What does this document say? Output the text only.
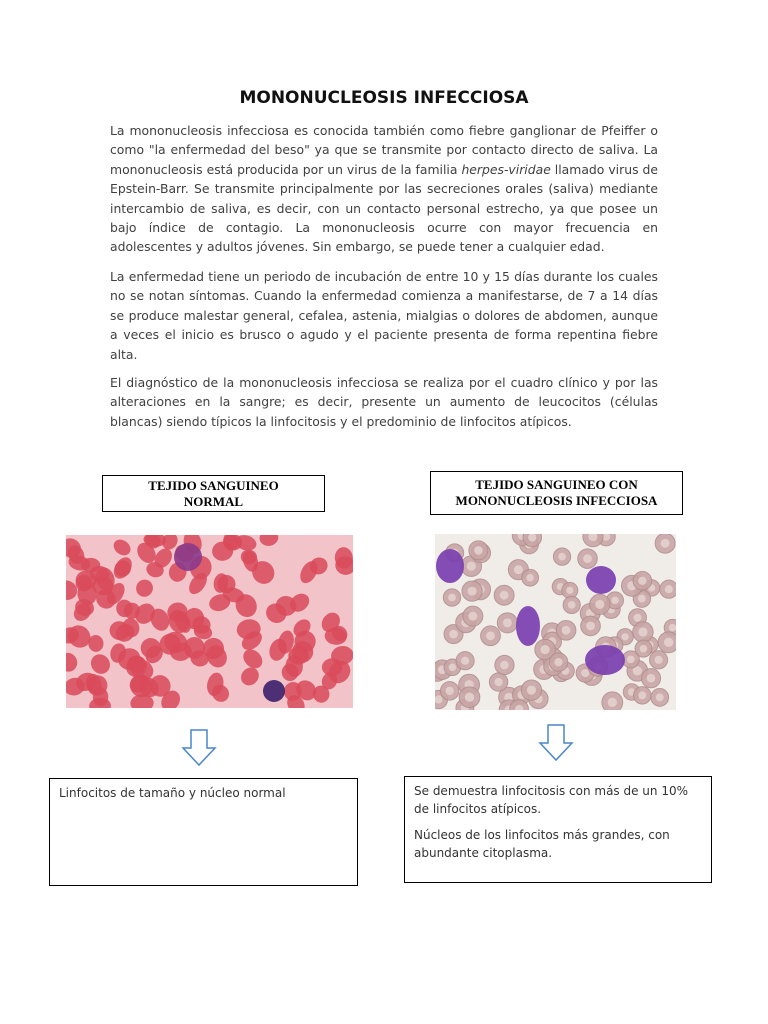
MONONUCLEOSIS INFECCIOSA

La mononucleosis infecciosa es conocida también como fiebre ganglionar de Pfeiffer o como "la enfermedad del beso" ya que se transmite por contacto directo de saliva. La mononucleosis está producida por un virus de la familia herpes-viridae llamado virus de Epstein-Barr. Se transmite principalmente por las secreciones orales (saliva) mediante intercambio de saliva, es decir, con un contacto personal estrecho, ya que posee un bajo índice de contagio. La mononucleosis ocurre con mayor frecuencia en adolescentes y adultos jóvenes. Sin embargo, se puede tener a cualquier edad.

La enfermedad tiene un periodo de incubación de entre 10 y 15 días durante los cuales no se notan síntomas. Cuando la enfermedad comienza a manifestarse, de 7 a 14 días se produce malestar general, cefalea, astenia, mialgias o dolores de abdomen, aunque a veces el inicio es brusco o agudo y el paciente presenta de forma repentina fiebre alta.

El diagnóstico de la mononucleosis infecciosa se realiza por el cuadro clínico y por las alteraciones en la sangre; es decir, presente un aumento de leucocitos (células blancas) siendo típicos la linfocitosis y el predominio de linfocitos atípicos.

TEJIDO SANGUINEO
NORMAL
TEJIDO SANGUINEO CON
MONONUCLEOSIS INFECCIOSA

Linfocitos de tamaño y núcleo normal	Se demuestra linfocitosis con más de un 10% de linfocitos atípicos.

Núcleos de los linfocitos más grandes, con abundante citoplasma.
